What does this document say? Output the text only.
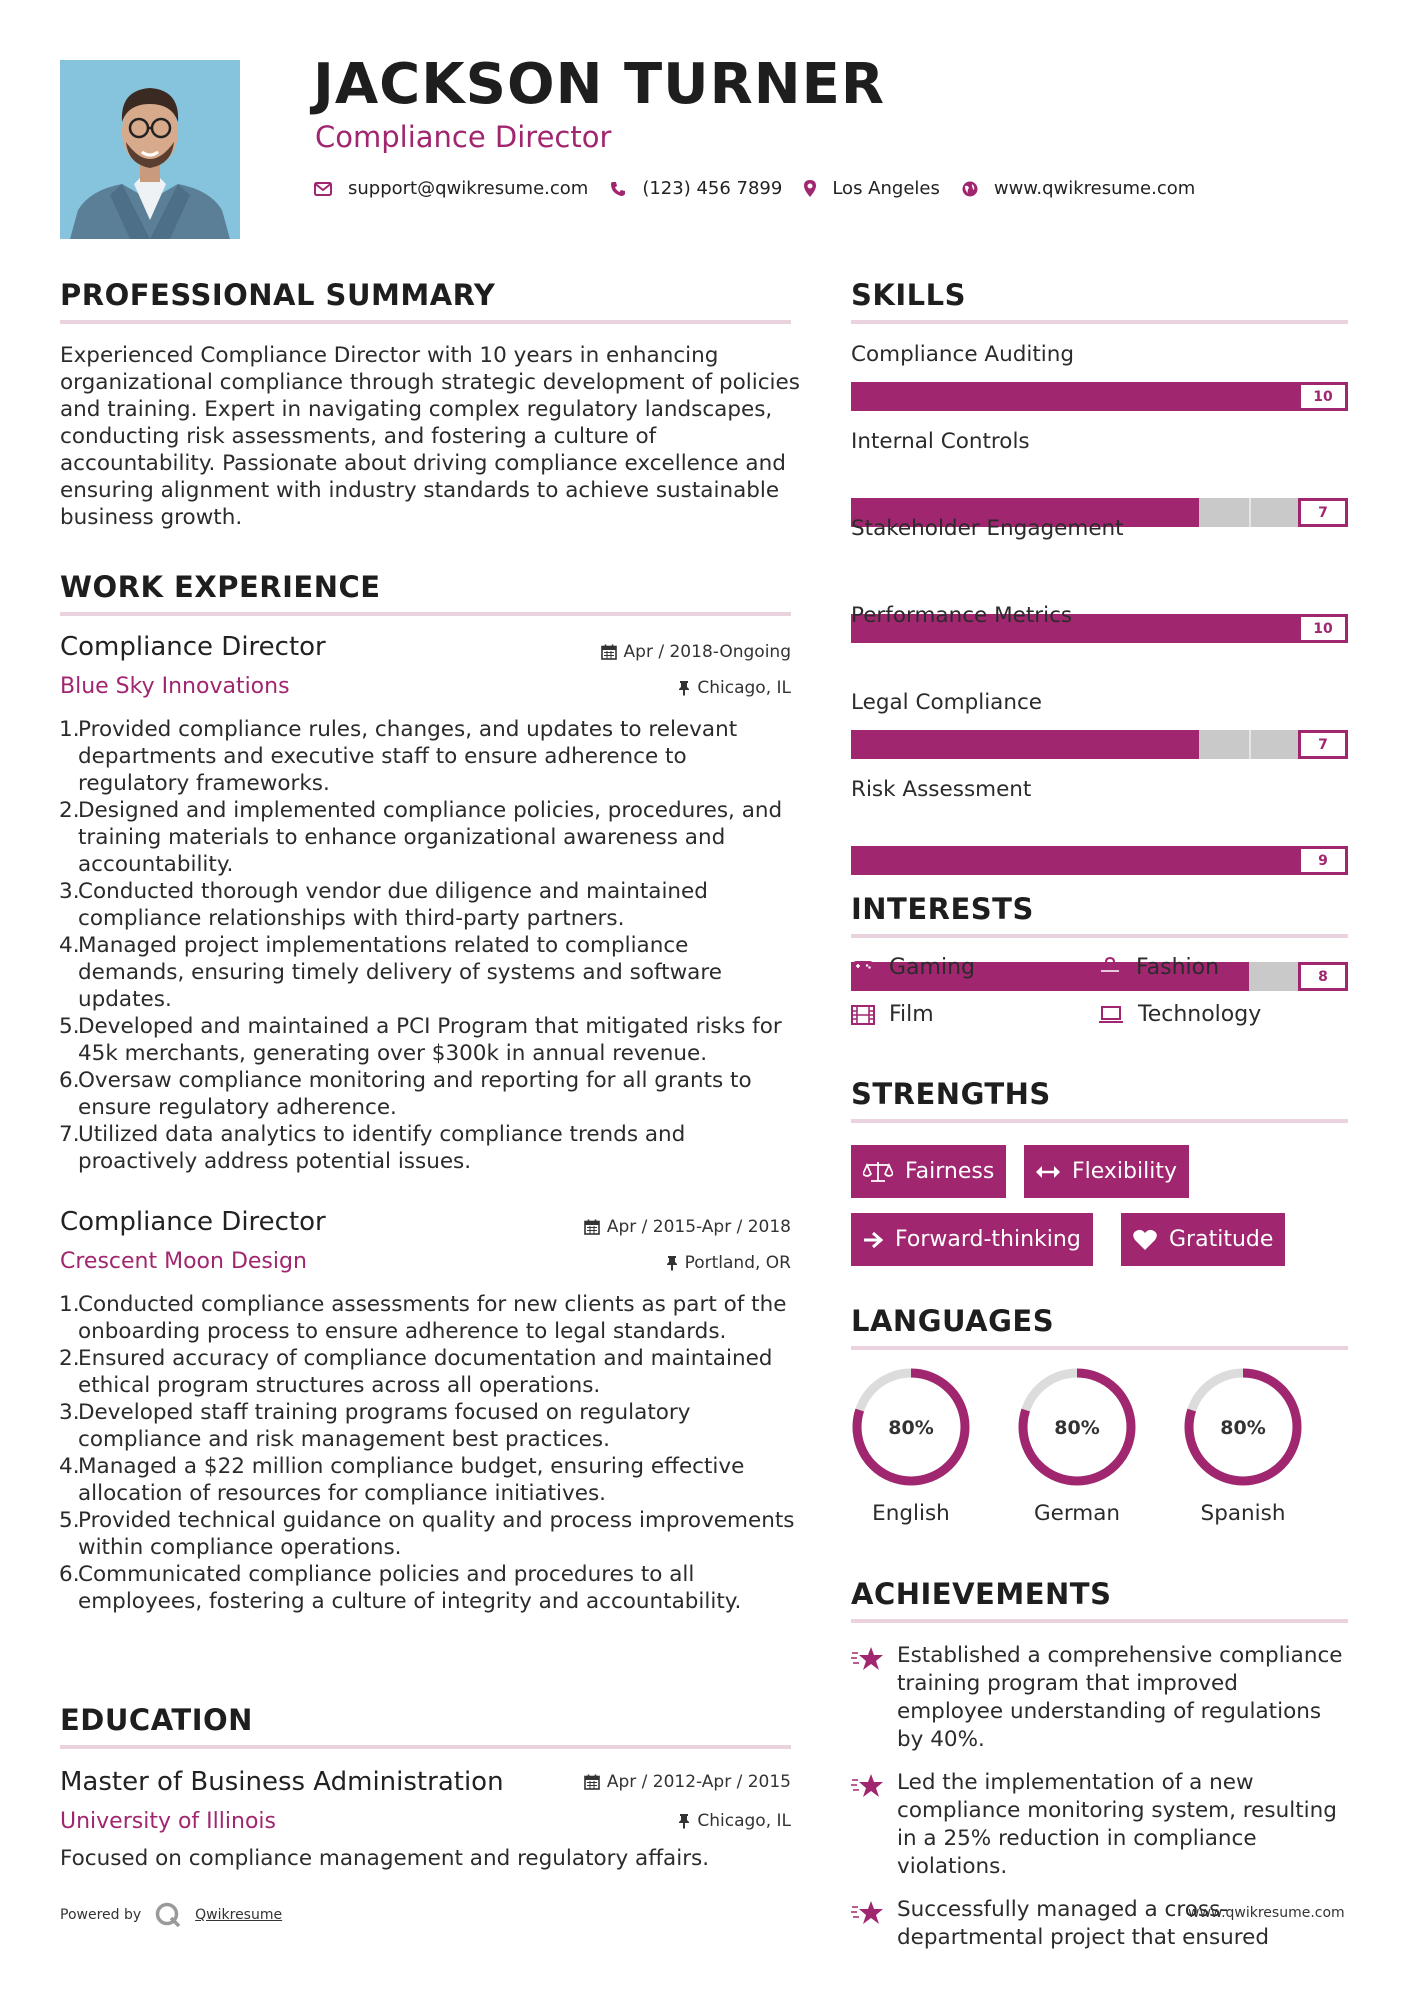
JACKSON TURNER
Compliance Director
support@qwikresume.com	(123) 456 7899	Los Angeles	www.qwikresume.com
PROFESSIONAL SUMMARY
Experienced Compliance Director with 10 years in enhancing organizational compliance through strategic development of policies and training. Expert in navigating complex regulatory landscapes, conducting risk assessments, and fostering a culture of accountability. Passionate about driving compliance excellence and ensuring alignment with industry standards to achieve sustainable business growth.
WORK EXPERIENCE
Compliance Director	Apr / 2018-Ongoing
Blue Sky Innovations	Chicago, IL
Provided compliance rules, changes, and updates to relevant departments and executive staff to ensure adherence to regulatory frameworks.
Designed and implemented compliance policies, procedures, and training materials to enhance organizational awareness and accountability.
Conducted thorough vendor due diligence and maintained compliance relationships with third-party partners.
Managed project implementations related to compliance demands, ensuring timely delivery of systems and software updates.
Developed and maintained a PCI Program that mitigated risks for 45k merchants, generating over $300k in annual revenue.
Oversaw compliance monitoring and reporting for all grants to ensure regulatory adherence.
Utilized data analytics to identify compliance trends and proactively address potential issues.
Compliance Director	Apr / 2015-Apr / 2018
Crescent Moon Design	Portland, OR
Conducted compliance assessments for new clients as part of the onboarding process to ensure adherence to legal standards.
Ensured accuracy of compliance documentation and maintained ethical program structures across all operations.
Developed staff training programs focused on regulatory compliance and risk management best practices.
Managed a $22 million compliance budget, ensuring effective allocation of resources for compliance initiatives.
Provided technical guidance on quality and process improvements within compliance operations.
Communicated compliance policies and procedures to all employees, fostering a culture of integrity and accountability.
EDUCATION
Master of Business Administration	Apr / 2012-Apr / 2015
University of Illinois	Chicago, IL
Focused on compliance management and regulatory affairs.
SKILLS
Compliance Auditing
10
Internal Controls
7
Stakeholder Engagement
10
Performance Metrics
7
Legal Compliance
9
Risk Assessment
8
INTERESTS
Gaming	Fashion
Film	Technology
STRENGTHS
Fairness	Flexibility
Forward-thinking	Gratitude
LANGUAGES
80%
English
80%
German
80%
Spanish
ACHIEVEMENTS
Established a comprehensive compliance training program that improved employee understanding of regulations by 40%.
Led the implementation of a new compliance monitoring system, resulting in a 25% reduction in compliance violations.
Successfully managed a cross-departmental project that ensured
Powered by	Qwikresume	www.qwikresume.com
